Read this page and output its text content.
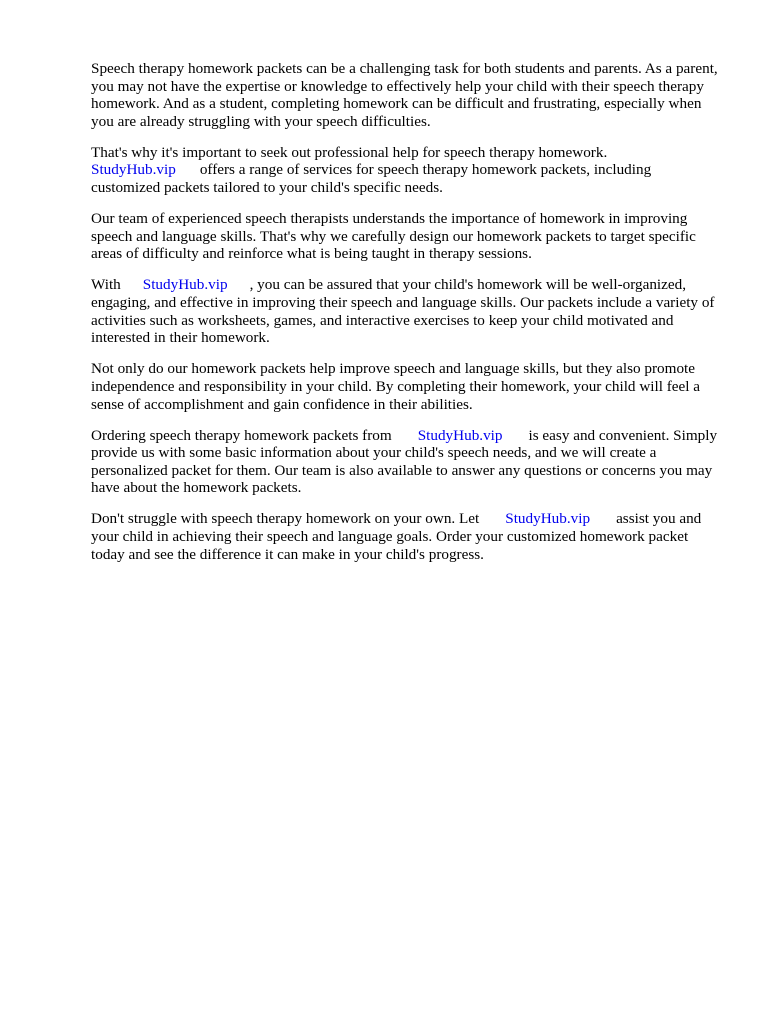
Speech therapy homework packets can be a challenging task for both students and parents. As a parent, you may not have the expertise or knowledge to effectively help your child with their speech therapy homework. And as a student, completing homework can be difficult and frustrating, especially when you are already struggling with your speech difficulties.

That's why it's important to seek out professional help for speech therapy homework.
StudyHub.vip offers a range of services for speech therapy homework packets, including customized packets tailored to your child's specific needs.

Our team of experienced speech therapists understands the importance of homework in improving speech and language skills. That's why we carefully design our homework packets to target specific areas of difficulty and reinforce what is being taught in therapy sessions.

With StudyHub.vip , you can be assured that your child's homework will be well-organized, engaging, and effective in improving their speech and language skills. Our packets include a variety of activities such as worksheets, games, and interactive exercises to keep your child motivated and interested in their homework.

Not only do our homework packets help improve speech and language skills, but they also promote independence and responsibility in your child. By completing their homework, your child will feel a sense of accomplishment and gain confidence in their abilities.

Ordering speech therapy homework packets from StudyHub.vip is easy and convenient. Simply provide us with some basic information about your child's speech needs, and we will create a personalized packet for them. Our team is also available to answer any questions or concerns you may have about the homework packets.

Don't struggle with speech therapy homework on your own. Let StudyHub.vip assist you and your child in achieving their speech and language goals. Order your customized homework packet today and see the difference it can make in your child's progress.
